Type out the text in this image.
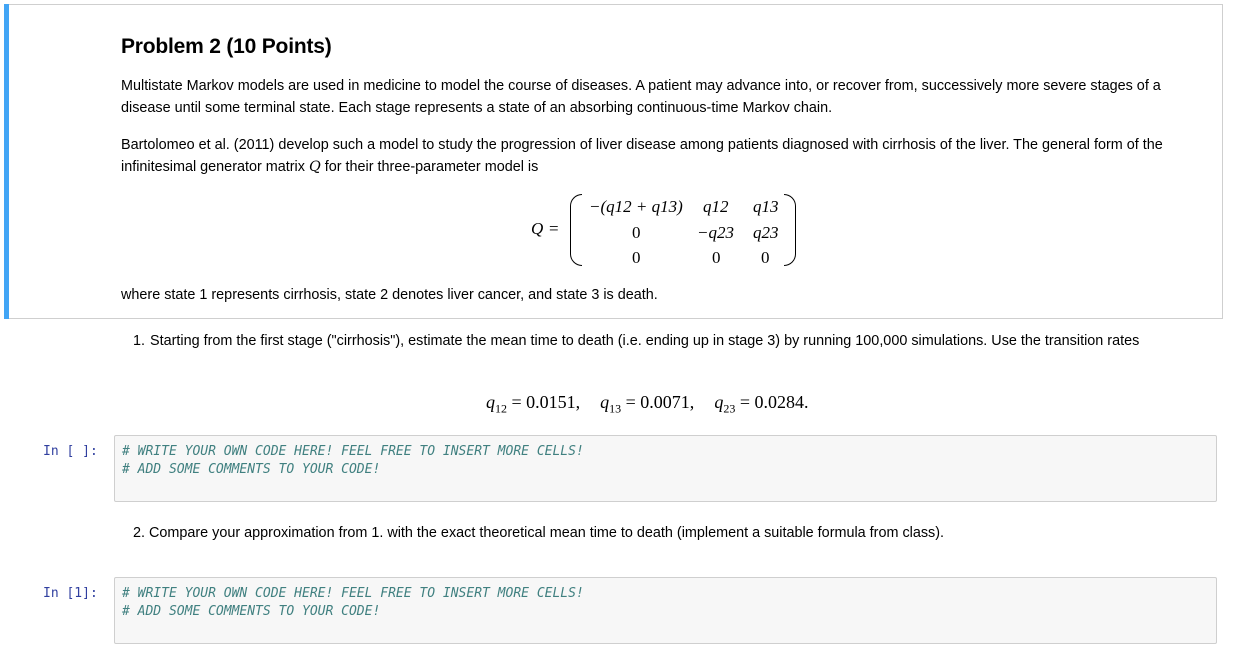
Problem 2 (10 Points)

Multistate Markov models are used in medicine to model the course of diseases. A patient may advance into, or recover from, successively more severe stages of a disease until some terminal state. Each stage represents a state of an absorbing continuous-time Markov chain.

Bartolomeo et al. (2011) develop such a model to study the progression of liver disease among patients diagnosed with cirrhosis of the liver. The general form of the infinitesimal generator matrix Q for their three-parameter model is

Q =
−(q12 + q13) q12 q13
0	−q23 q23
0	0 0

where state 1 represents cirrhosis, state 2 denotes liver cancer, and state 3 is death.

1. Starting from the first stage ("cirrhosis"), estimate the mean time to death (i.e. ending up in stage 3) by running 100,000 simulations. Use the transition rates
$q_{12} = 0.0151$, $q_{13} = 0.0071$, $q_{23} = 0.0284$.
In [ ]: # WRITE YOUR OWN CODE HERE! FEEL FREE TO INSERT MORE CELLS!
# ADD SOME COMMENTS TO YOUR CODE!
2. Compare your approximation from 1. with the exact theoretical mean time to death (implement a suitable formula from class).
In [1]: # WRITE YOUR OWN CODE HERE! FEEL FREE TO INSERT MORE CELLS!
# ADD SOME COMMENTS TO YOUR CODE!
